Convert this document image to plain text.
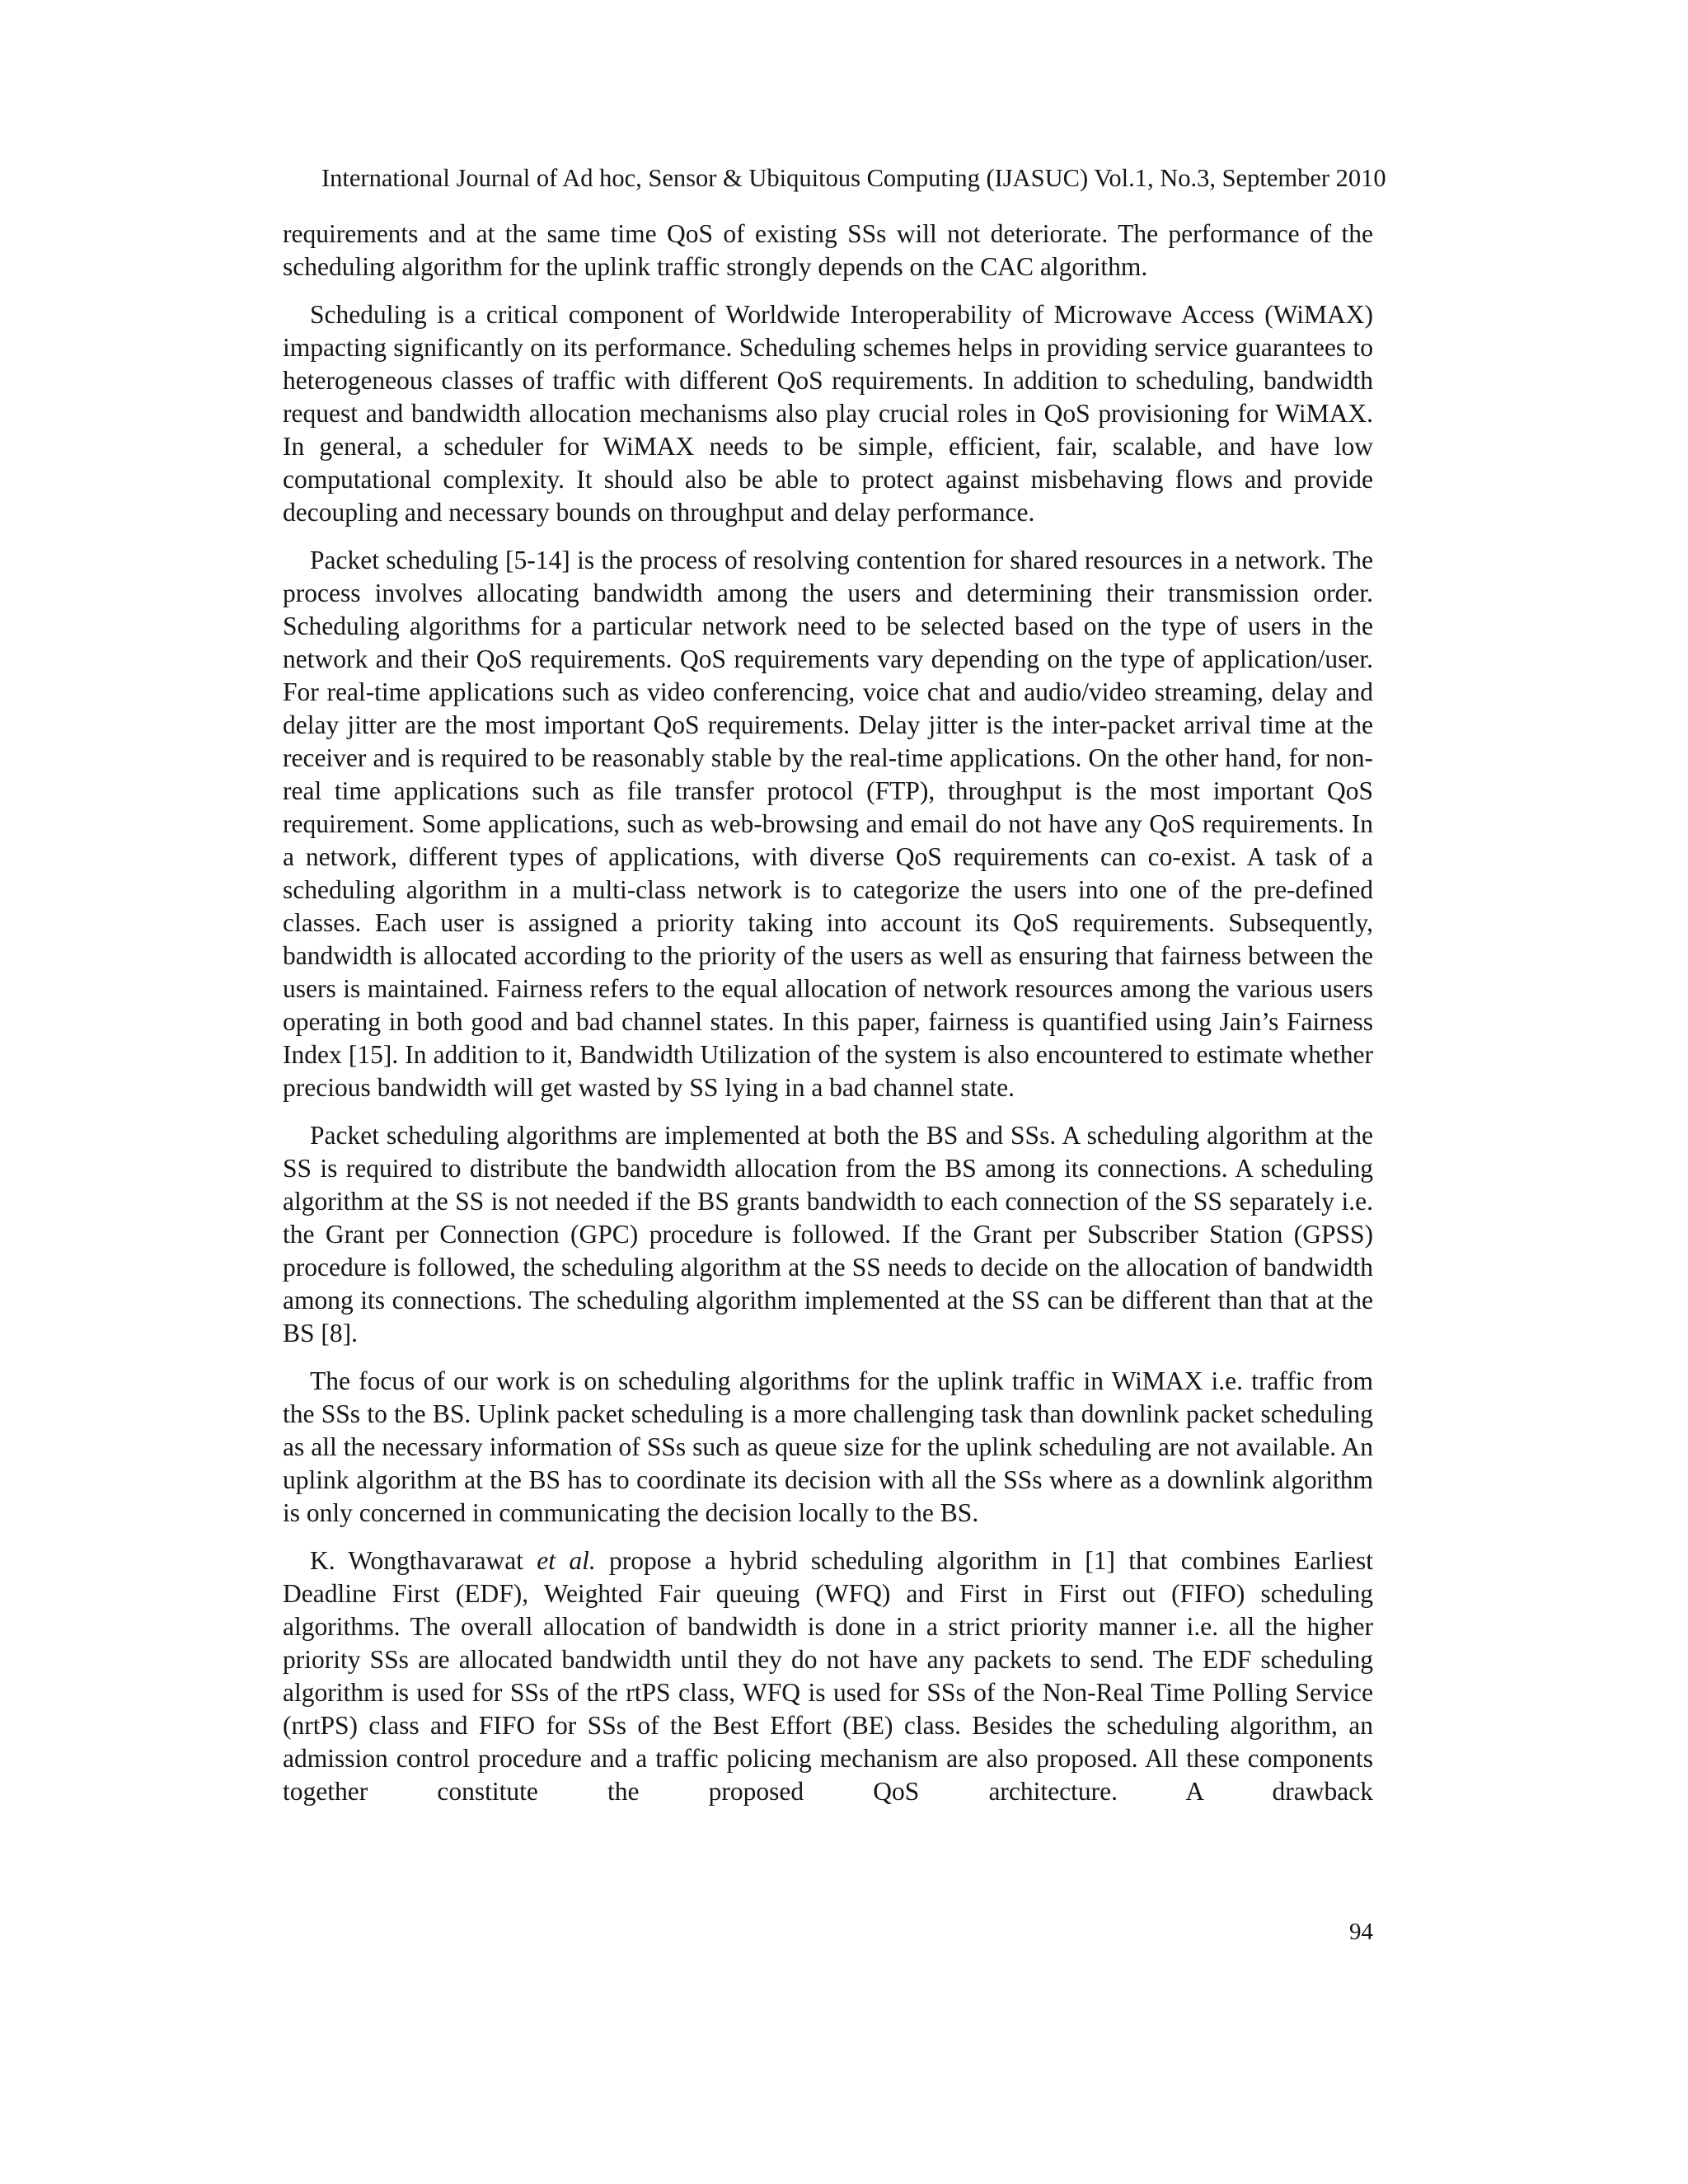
International Journal of Ad hoc, Sensor & Ubiquitous Computing (IJASUC) Vol.1, No.3, September 2010

requirements and at the same time QoS of existing SSs will not deteriorate. The performance of the scheduling algorithm for the uplink traffic strongly depends on the CAC algorithm.

Scheduling is a critical component of Worldwide Interoperability of Microwave Access (WiMAX) impacting significantly on its performance. Scheduling schemes helps in providing service guarantees to heterogeneous classes of traffic with different QoS requirements. In addition to scheduling, bandwidth request and bandwidth allocation mechanisms also play crucial roles in QoS provisioning for WiMAX. In general, a scheduler for WiMAX needs to be simple, efficient, fair, scalable, and have low computational complexity. It should also be able to protect against misbehaving flows and provide decoupling and necessary bounds on throughput and delay performance.

Packet scheduling [5-14] is the process of resolving contention for shared resources in a network. The process involves allocating bandwidth among the users and determining their transmission order. Scheduling algorithms for a particular network need to be selected based on the type of users in the network and their QoS requirements. QoS requirements vary depending on the type of application/user. For real-time applications such as video conferencing, voice chat and audio/video streaming, delay and delay jitter are the most important QoS requirements. Delay jitter is the inter-packet arrival time at the receiver and is required to be reasonably stable by the real-time applications. On the other hand, for non-real time applications such as file transfer protocol (FTP), throughput is the most important QoS requirement. Some applications, such as web-browsing and email do not have any QoS requirements. In a network, different types of applications, with diverse QoS requirements can co-exist. A task of a scheduling algorithm in a multi-class network is to categorize the users into one of the pre-defined classes. Each user is assigned a priority taking into account its QoS requirements. Subsequently, bandwidth is allocated according to the priority of the users as well as ensuring that fairness between the users is maintained. Fairness refers to the equal allocation of network resources among the various users operating in both good and bad channel states. In this paper, fairness is quantified using Jain’s Fairness Index [15]. In addition to it, Bandwidth Utilization of the system is also encountered to estimate whether precious bandwidth will get wasted by SS lying in a bad channel state.

Packet scheduling algorithms are implemented at both the BS and SSs. A scheduling algorithm at the SS is required to distribute the bandwidth allocation from the BS among its connections. A scheduling algorithm at the SS is not needed if the BS grants bandwidth to each connection of the SS separately i.e. the Grant per Connection (GPC) procedure is followed. If the Grant per Subscriber Station (GPSS) procedure is followed, the scheduling algorithm at the SS needs to decide on the allocation of bandwidth among its connections. The scheduling algorithm implemented at the SS can be different than that at the BS [8].

The focus of our work is on scheduling algorithms for the uplink traffic in WiMAX i.e. traffic from the SSs to the BS. Uplink packet scheduling is a more challenging task than downlink packet scheduling as all the necessary information of SSs such as queue size for the uplink scheduling are not available. An uplink algorithm at the BS has to coordinate its decision with all the SSs where as a downlink algorithm is only concerned in communicating the decision locally to the BS.

K. Wongthavarawat et al. propose a hybrid scheduling algorithm in [1] that combines Earliest Deadline First (EDF), Weighted Fair queuing (WFQ) and First in First out (FIFO) scheduling algorithms. The overall allocation of bandwidth is done in a strict priority manner i.e. all the higher priority SSs are allocated bandwidth until they do not have any packets to send. The EDF scheduling algorithm is used for SSs of the rtPS class, WFQ is used for SSs of the Non-Real Time Polling Service (nrtPS) class and FIFO for SSs of the Best Effort (BE) class. Besides the scheduling algorithm, an admission control procedure and a traffic policing mechanism are also proposed. All these components together constitute the proposed QoS architecture. A drawback

94
